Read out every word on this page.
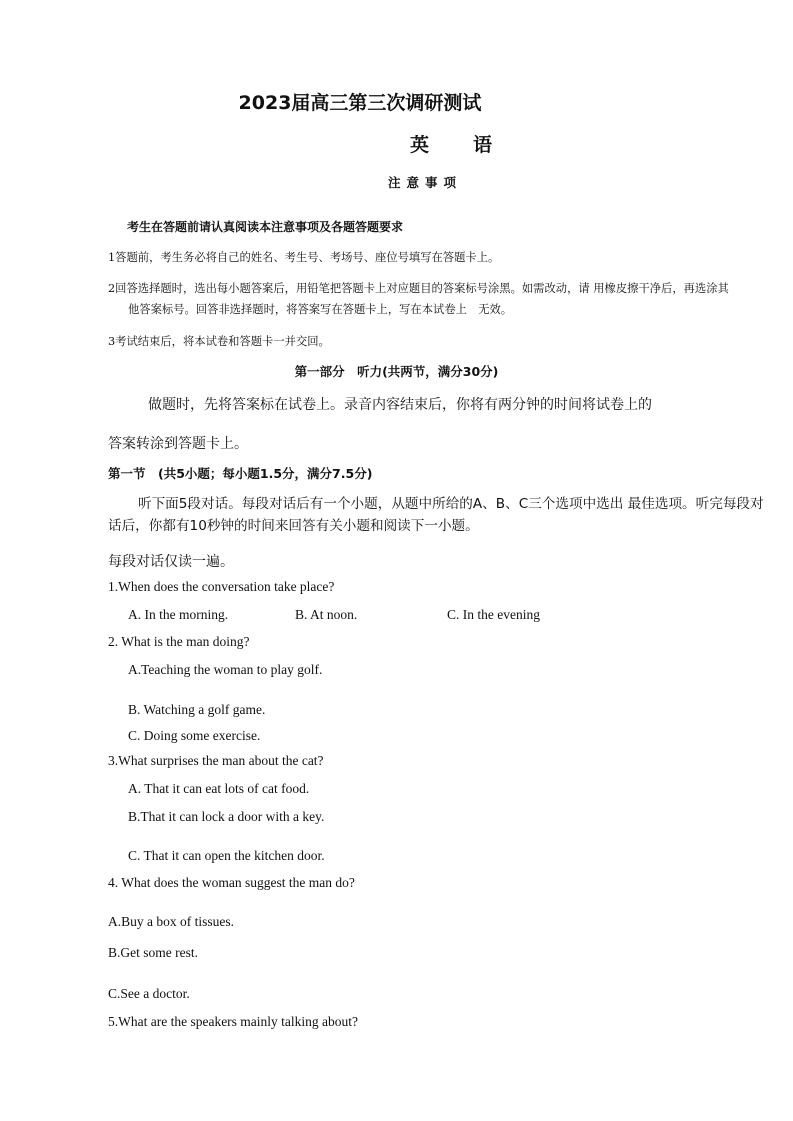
2023届高三第三次调研测试
英语
注意事项
考生在答题前请认真阅读本注意事项及各题答题要求
1答题前，考生务必将自己的姓名、考生号、考场号、座位号填写在答题卡上。
2回答选择题时，选出每小题答案后，用铅笔把答题卡上对应题目的答案标号涂黑。如需改动，请 用橡皮擦干净后，再选涂其
他答案标号。回答非选择题时，将答案写在答题卡上，写在本试卷上　无效。
3考试结束后，将本试卷和答题卡一并交回。
第一部分　听力(共两节，满分30分)
做题时，先将答案标在试卷上。录音内容结束后，你将有两分钟的时间将试卷上的
答案转涂到答题卡上。
第一节　(共5小题；每小题1.5分，满分7.5分)
听下面5段对话。每段对话后有一个小题，从题中所给的A、B、C三个选项中选出 最佳选项。听完每段对话后，你都有10秒钟的时间来回答有关小题和阅读下一小题。
每段对话仅读一遍。
1.When does the conversation take place?
A. In the morning.	B. At noon.	C. In the evening
2. What is the man doing?
A.Teaching the woman to play golf.
B. Watching a golf game.
C. Doing some exercise.
3.What surprises the man about the cat?
A. That it can eat lots of cat food.
B.That it can lock a door with a key.
C. That it can open the kitchen door.
4. What does the woman suggest the man do?
A.Buy a box of tissues.
B.Get some rest.
C.See a doctor.
5.What are the speakers mainly talking about?
